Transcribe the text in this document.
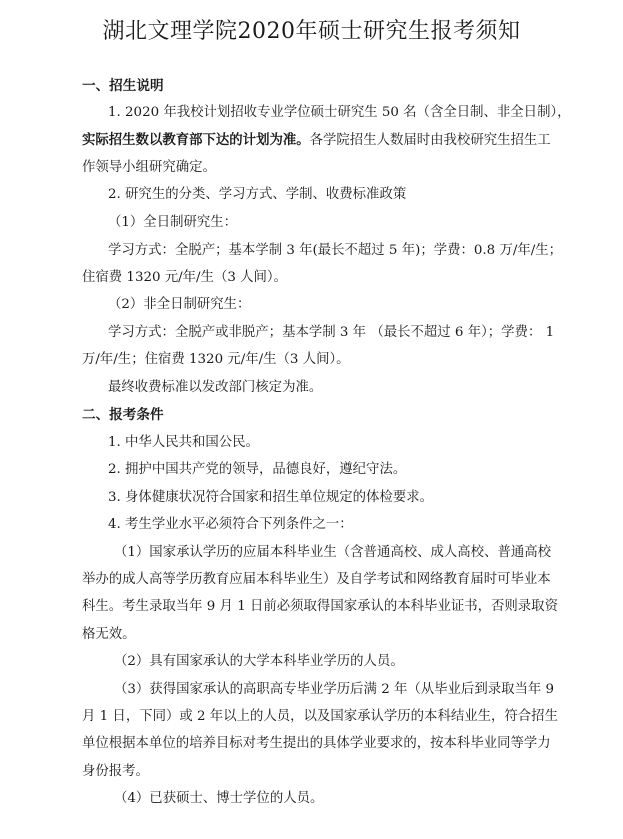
湖北文理学院2020年硕士研究生报考须知
一、招生说明
1. 2020 年我校计划招收专业学位硕士研究生 50 名（含全日制、非全日制），
实际招生数以教育部下达的计划为准。各学院招生人数届时由我校研究生招生工
作领导小组研究确定。
2. 研究生的分类、学习方式、学制、收费标准政策
（1）全日制研究生：
学习方式：全脱产；基本学制 3 年(最长不超过 5 年)；学费：0.8 万/年/生；
住宿费 1320 元/年/生（3 人间）。
（2）非全日制研究生：
学习方式：全脱产或非脱产；基本学制 3 年 （最长不超过 6 年）；学费： 1
万/年/生；住宿费 1320 元/年/生（3 人间）。
最终收费标准以发改部门核定为准。
二、报考条件
1. 中华人民共和国公民。
2. 拥护中国共产党的领导，品德良好，遵纪守法。
3. 身体健康状况符合国家和招生单位规定的体检要求。
4. 考生学业水平必须符合下列条件之一：
（1）国家承认学历的应届本科毕业生（含普通高校、成人高校、普通高校
举办的成人高等学历教育应届本科毕业生）及自学考试和网络教育届时可毕业本
科生。考生录取当年 9 月 1 日前必须取得国家承认的本科毕业证书，否则录取资
格无效。
（2）具有国家承认的大学本科毕业学历的人员。
（3）获得国家承认的高职高专毕业学历后满 2 年（从毕业后到录取当年 9
月 1 日，下同）或 2 年以上的人员，以及国家承认学历的本科结业生，符合招生
单位根据本单位的培养目标对考生提出的具体学业要求的，按本科毕业同等学力
身份报考。
（4）已获硕士、博士学位的人员。
